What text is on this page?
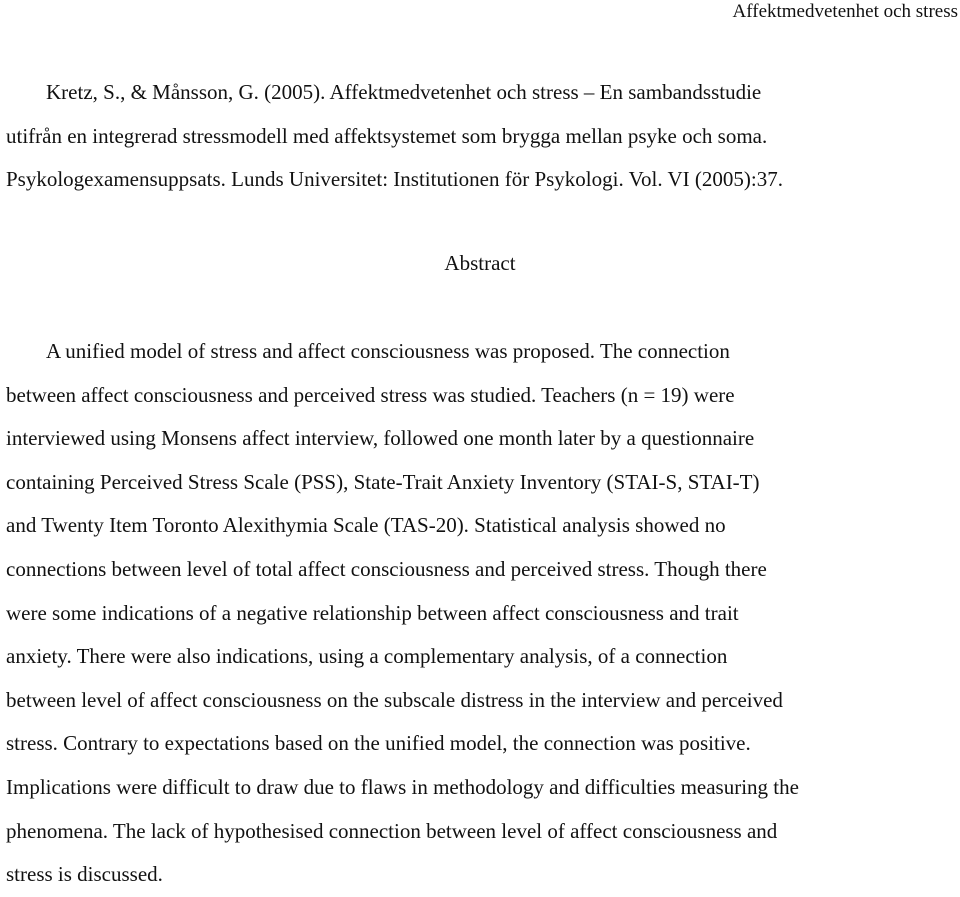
Affektmedvetenhet och stress
Kretz, S., & Månsson, G. (2005). Affektmedvetenhet och stress – En sambandsstudie
utifrån en integrerad stressmodell med affektsystemet som brygga mellan psyke och soma.
Psykologexamensuppsats. Lunds Universitet: Institutionen för Psykologi. Vol. VI (2005):37.
Abstract
A unified model of stress and affect consciousness was proposed. The connection
between affect consciousness and perceived stress was studied. Teachers (n = 19) were
interviewed using Monsens affect interview, followed one month later by a questionnaire
containing Perceived Stress Scale (PSS), State-Trait Anxiety Inventory (STAI-S, STAI-T)
and Twenty Item Toronto Alexithymia Scale (TAS-20). Statistical analysis showed no
connections between level of total affect consciousness and perceived stress. Though there
were some indications of a negative relationship between affect consciousness and trait
anxiety. There were also indications, using a complementary analysis, of a connection
between level of affect consciousness on the subscale distress in the interview and perceived
stress. Contrary to expectations based on the unified model, the connection was positive.
Implications were difficult to draw due to flaws in methodology and difficulties measuring the
phenomena. The lack of hypothesised connection between level of affect consciousness and
stress is discussed.
